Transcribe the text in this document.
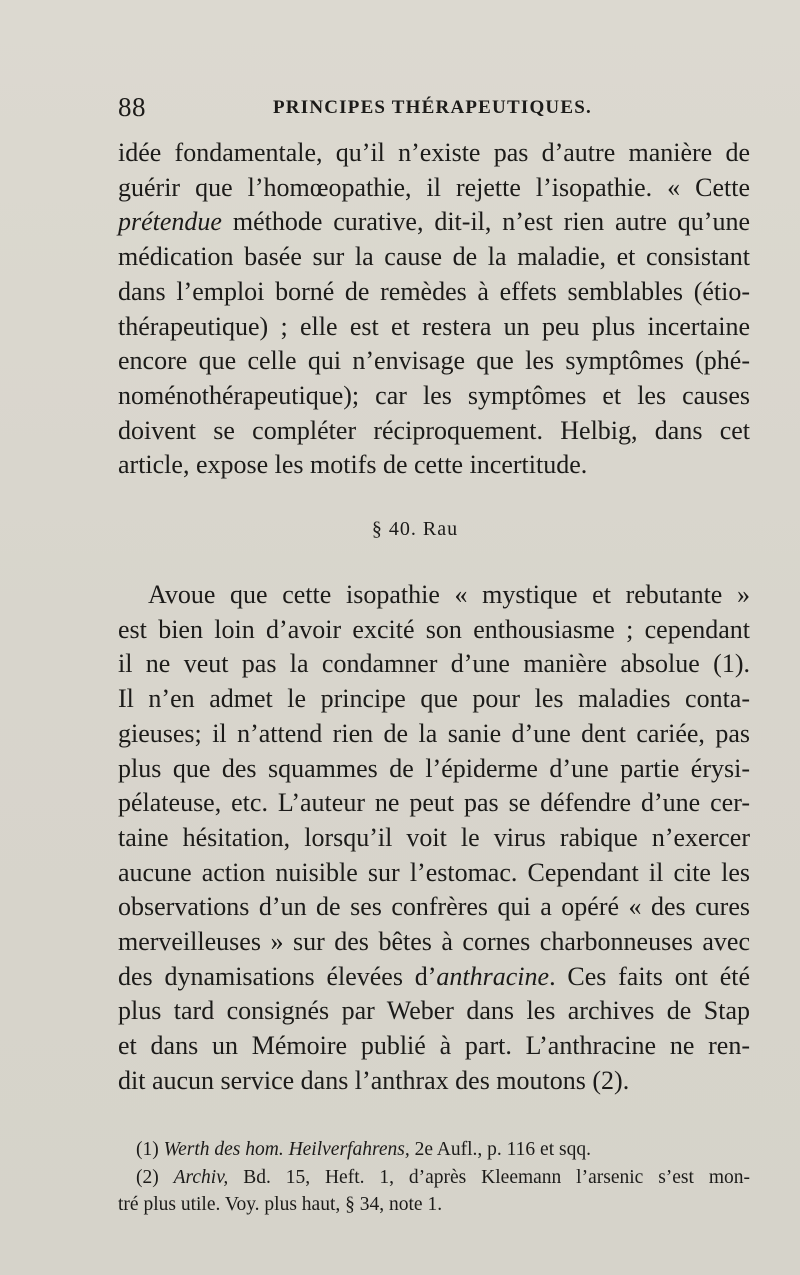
88	PRINCIPES THÉRAPEUTIQUES.
idée fondamentale, qu’il n’existe pas d’autre manière de
guérir que l’homœopathie, il rejette l’isopathie. « Cette
prétendue méthode curative, dit-il, n’est rien autre qu’une
médication basée sur la cause de la maladie, et consistant
dans l’emploi borné de remèdes à effets semblables (étio-
thérapeutique) ; elle est et restera un peu plus incertaine
encore que celle qui n’envisage que les symptômes (phé-
noménothérapeutique); car les symptômes et les causes
doivent se compléter réciproquement. Helbig, dans cet
article, expose les motifs de cette incertitude.
§ 40. Rau
Avoue que cette isopathie « mystique et rebutante »
est bien loin d’avoir excité son enthousiasme ; cependant
il ne veut pas la condamner d’une manière absolue (1).
Il n’en admet le principe que pour les maladies conta-
gieuses; il n’attend rien de la sanie d’une dent cariée, pas
plus que des squammes de l’épiderme d’une partie érysi-
pélateuse, etc. L’auteur ne peut pas se défendre d’une cer-
taine hésitation, lorsqu’il voit le virus rabique n’exercer
aucune action nuisible sur l’estomac. Cependant il cite les
observations d’un de ses confrères qui a opéré « des cures
merveilleuses » sur des bêtes à cornes charbonneuses avec
des dynamisations élevées d’anthracine. Ces faits ont été
plus tard consignés par Weber dans les archives de Stap
et dans un Mémoire publié à part. L’anthracine ne ren-
dit aucun service dans l’anthrax des moutons (2).
(1) Werth des hom. Heilverfahrens, 2e Aufl., p. 116 et sqq.
(2) Archiv, Bd. 15, Heft. 1, d’après Kleemann l’arsenic s’est mon-
tré plus utile. Voy. plus haut, § 34, note 1.
